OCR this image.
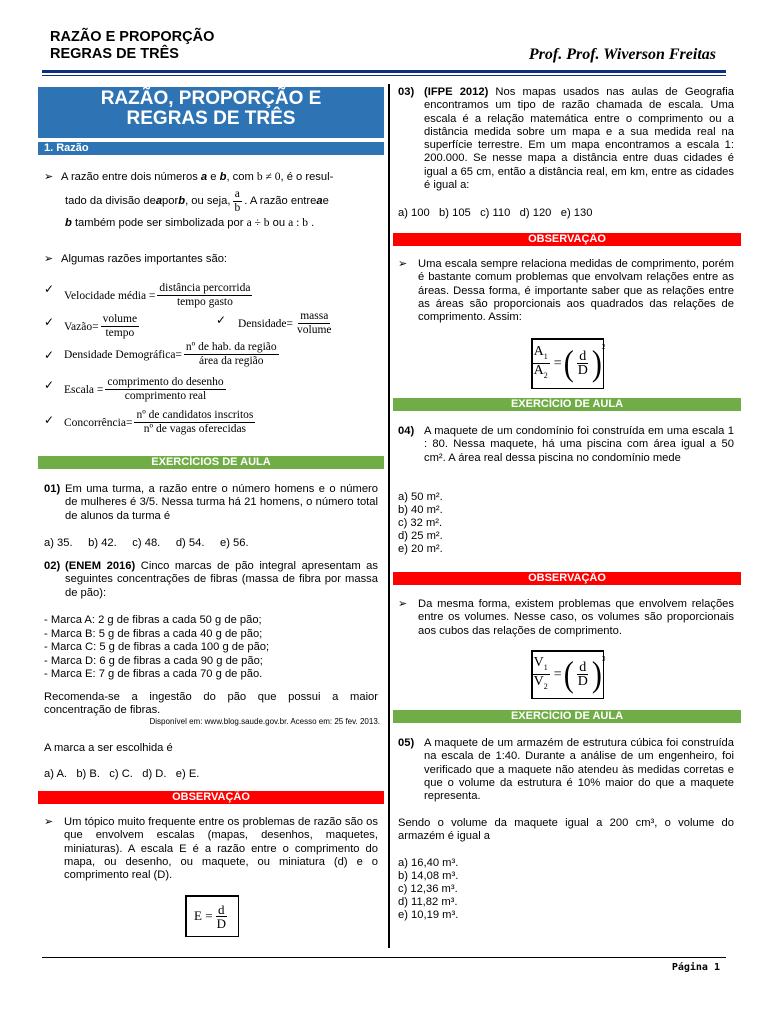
RAZÃO E PROPORÇÃO
REGRAS DE TRÊS	Prof. Prof. Wiverson Freitas
RAZÃO, PROPORÇÃO E REGRAS DE TRÊS
1. Razão
➢ A razão entre dois números a e b, com b ≠ 0, é o resul-
tado da divisão de a por b , ou seja, $\frac{a}{b}$ . A razão entre a e
b também pode ser simbolizada por a ÷ b ou a : b .
➢ Algumas razões importantes são:
✓ Velocidade média = $\frac{\text{distância percorrida}}{\text{tempo gasto}}$
✓ Vazão= $\frac{\text{volume}}{\text{tempo}}$	✓ Densidade= $\frac{\text{massa}}{\text{volume}}$
✓ Densidade Demográfica= $\frac{\text{nº de hab. da região}}{\text{área da região}}$
✓ Escala = $\frac{\text{comprimento do desenho}}{\text{comprimento real}}$
✓ Concorrência= $\frac{\text{nº de candidatos inscritos}}{\text{nº de vagas oferecidas}}$
EXERCÍCIOS DE AULA
01) Em uma turma, a razão entre o número homens e o número de mulheres é 3/5. Nessa turma há 21 homens, o número total de alunos da turma é
a) 35.     b) 42.     c) 48.     d) 54.     e) 56.
02) (ENEM 2016) Cinco marcas de pão integral apresentam as seguintes concentrações de fibras (massa de fibra por massa de pão):
- Marca A: 2 g de fibras a cada 50 g de pão;
- Marca B: 5 g de fibras a cada 40 g de pão;
- Marca C: 5 g de fibras a cada 100 g de pão;
- Marca D: 6 g de fibras a cada 90 g de pão;
- Marca E: 7 g de fibras a cada 70 g de pão.
Recomenda-se a ingestão do pão que possui a maior concentração de fibras.
Disponível em: www.blog.saude.gov.br. Acesso em: 25 fev. 2013.
A marca a ser escolhida é
a) A.   b) B.   c) C.   d) D.   e) E.
OBSERVAÇÃO
➢ Um tópico muito frequente entre os problemas de razão são os que envolvem escalas (mapas, desenhos, maquetes, miniaturas). A escala E é a razão entre o comprimento do mapa, ou desenho, ou maquete, ou miniatura (d) e o comprimento real (D).
$E = \frac{d}{D}$
03) (IFPE 2012) Nos mapas usados nas aulas de Geografia encontramos um tipo de razão chamada de escala. Uma escala é a relação matemática entre o comprimento ou a distância medida sobre um mapa e a sua medida real na superfície terrestre. Em um mapa encontramos a escala 1: 200.000. Se nesse mapa a distância entre duas cidades é igual a 65 cm, então a distância real, em km, entre as cidades é igual a:
a) 100   b) 105   c) 110   d) 120   e) 130
OBSERVAÇÃO
➢ Uma escala sempre relaciona medidas de comprimento, porém é bastante comum problemas que envolvam relações entre as áreas. Dessa forma, é importante saber que as relações entre as áreas são proporcionais aos quadrados das relações de comprimento. Assim:
$\frac{A_1}{A_2}$ = ( $\frac{d}{D} )^2$
EXERCÍCIO DE AULA
04) A maquete de um condomínio foi construída em uma escala 1 : 80. Nessa maquete, há uma piscina com área igual a 50 cm². A área real dessa piscina no condomínio mede
a) 50 m².
b) 40 m².
c) 32 m².
d) 25 m².
e) 20 m².
OBSERVAÇÃO
➢ Da mesma forma, existem problemas que envolvem relações entre os volumes. Nesse caso, os volumes são proporcionais aos cubos das relações de comprimento.
$\frac{V_1}{V_2}$ = ( $\frac{d}{D} )^3$
EXERCÍCIO DE AULA
05) A maquete de um armazém de estrutura cúbica foi construída na escala de 1:40. Durante a análise de um engenheiro, foi verificado que a maquete não atendeu às medidas corretas e que o volume da estrutura é 10% maior do que a maquete representa.
Sendo o volume da maquete igual a 200 cm³, o volume do armazém é igual a
a) 16,40 m³.
b) 14,08 m³.
c) 12,36 m³.
d) 11,82 m³.
e) 10,19 m³.
Página 1
